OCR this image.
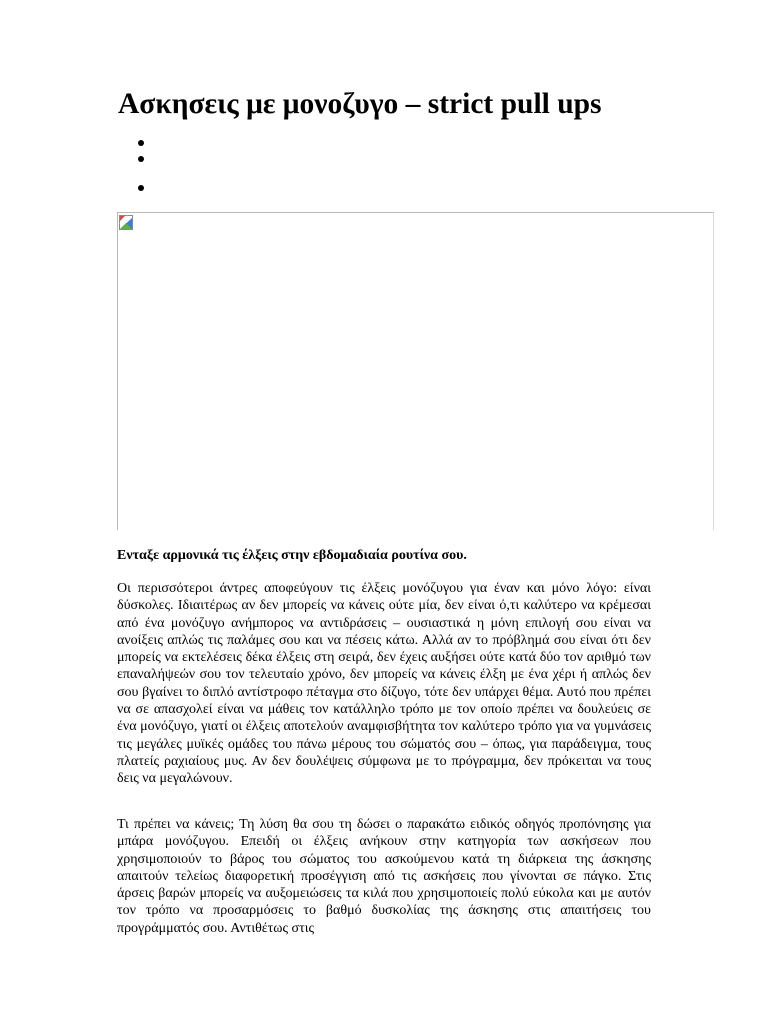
Ασκησεις με μονοζυγο – strict pull ups

Ενταξε αρμονικά τις έλξεις στην εβδομαδιαία ρουτίνα σου.

Οι περισσότεροι άντρες αποφεύγουν τις έλξεις μονόζυγου για έναν και μόνο λόγο: είναι δύσκολες. Ιδιαιτέρως αν δεν μπορείς να κάνεις ούτε μία, δεν είναι ό,τι καλύτερο να κρέμεσαι από ένα μονόζυγο ανήμπορος να αντιδράσεις – ουσιαστικά η μόνη επιλογή σου είναι να ανοίξεις απλώς τις παλάμες σου και να πέσεις κάτω. Αλλά αν το πρόβλημά σου είναι ότι δεν μπορείς να εκτελέσεις δέκα έλξεις στη σειρά, δεν έχεις αυξήσει ούτε κατά δύο τον αριθμό των επαναλήψεών σου τον τελευταίο χρόνο, δεν μπορείς να κάνεις έλξη με ένα χέρι ή απλώς δεν σου βγαίνει το διπλό αντίστροφο πέταγμα στο δίζυγο, τότε δεν υπάρχει θέμα. Αυτό που πρέπει να σε απασχολεί είναι να μάθεις τον κατάλληλο τρόπο με τον οποίο πρέπει να δουλεύεις σε ένα μονόζυγο, γιατί οι έλξεις αποτελούν αναμφισβήτητα τον καλύτερο τρόπο για να γυμνάσεις τις μεγάλες μυϊκές ομάδες του πάνω μέρους του σώματός σου – όπως, για παράδειγμα, τους πλατείς ραχιαίους μυς. Αν δεν δουλέψεις σύμφωνα με το πρόγραμμα, δεν πρόκειται να τους δεις να μεγαλώνουν.

Τι πρέπει να κάνεις; Τη λύση θα σου τη δώσει ο παρακάτω ειδικός οδηγός προπόνησης για μπάρα μονόζυγου. Επειδή οι έλξεις ανήκουν στην κατηγορία των ασκήσεων που χρησιμοποιούν το βάρος του σώματος του ασκούμενου κατά τη διάρκεια της άσκησης απαιτούν τελείως διαφορετική προσέγγιση από τις ασκήσεις που γίνονται σε πάγκο. Στις άρσεις βαρών μπορείς να αυξομειώσεις τα κιλά που χρησιμοποιείς πολύ εύκολα και με αυτόν τον τρόπο να προσαρμόσεις το βαθμό δυσκολίας της άσκησης στις απαιτήσεις του προγράμματός σου. Αντιθέτως στις
